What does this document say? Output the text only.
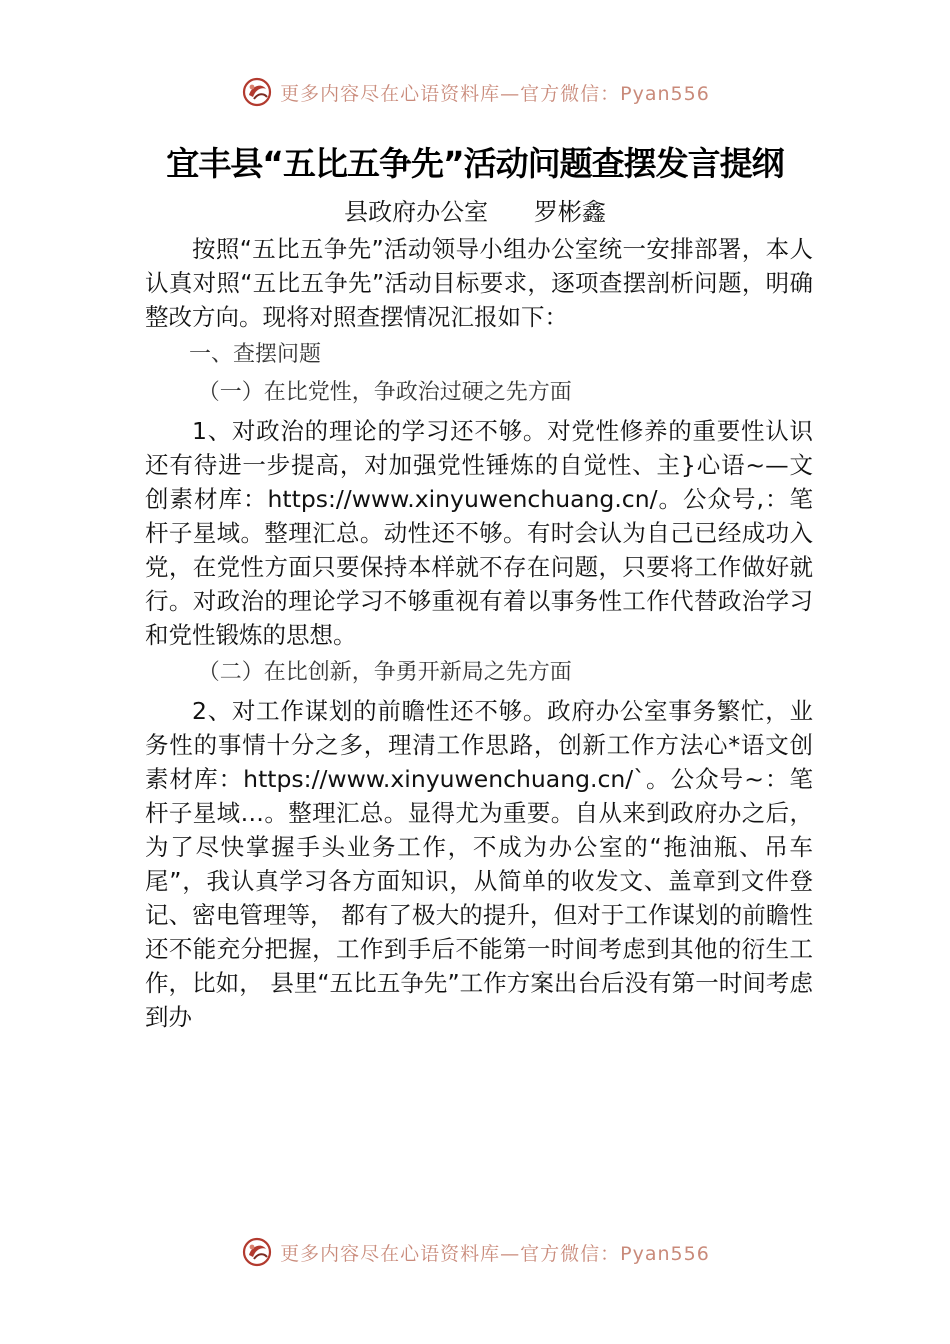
更多内容尽在心语资料库—官方微信：Pyan556
宜丰县“五比五争先”活动问题查摆发言提纲
县政府办公室      罗彬鑫

按照“五比五争先”活动领导小组办公室统一安排部署，本人认真对照“五比五争先”活动目标要求，逐项查摆剖析问题，明确整改方向。现将对照查摆情况汇报如下：

一、查摆问题
（一）在比党性，争政治过硬之先方面

1、对政治的理论的学习还不够。对党性修养的重要性认识还有待进一步提高，对加强党性锤炼的自觉性、主}心语~—文创素材库：https://www.xinyuwenchuang.cn/。公众号,：笔杆子星域。整理汇总。动性还不够。有时会认为自己已经成功入党，在党性方面只要保持本样就不存在问题，只要将工作做好就行。对政治的理论学习不够重视有着以事务性工作代替政治学习和党性锻炼的思想。

（二）在比创新，争勇开新局之先方面

2、对工作谋划的前瞻性还不够。政府办公室事务繁忙，业务性的事情十分之多，理清工作思路，创新工作方法心*语文创素材库：https://www.xinyuwenchuang.cn/`。公众号~：笔杆子星域…。整理汇总。显得尤为重要。自从来到政府办之后，为了尽快掌握手头业务工作，不成为办公室的“拖油瓶、吊车尾”，我认真学习各方面知识，从简单的收发文、盖章到文件登记、密电管理等， 都有了极大的提升，但对于工作谋划的前瞻性还不能充分把握，工作到手后不能第一时间考虑到其他的衍生工作，比如， 县里“五比五争先”工作方案出台后没有第一时间考虑到办

更多内容尽在心语资料库—官方微信：Pyan556
